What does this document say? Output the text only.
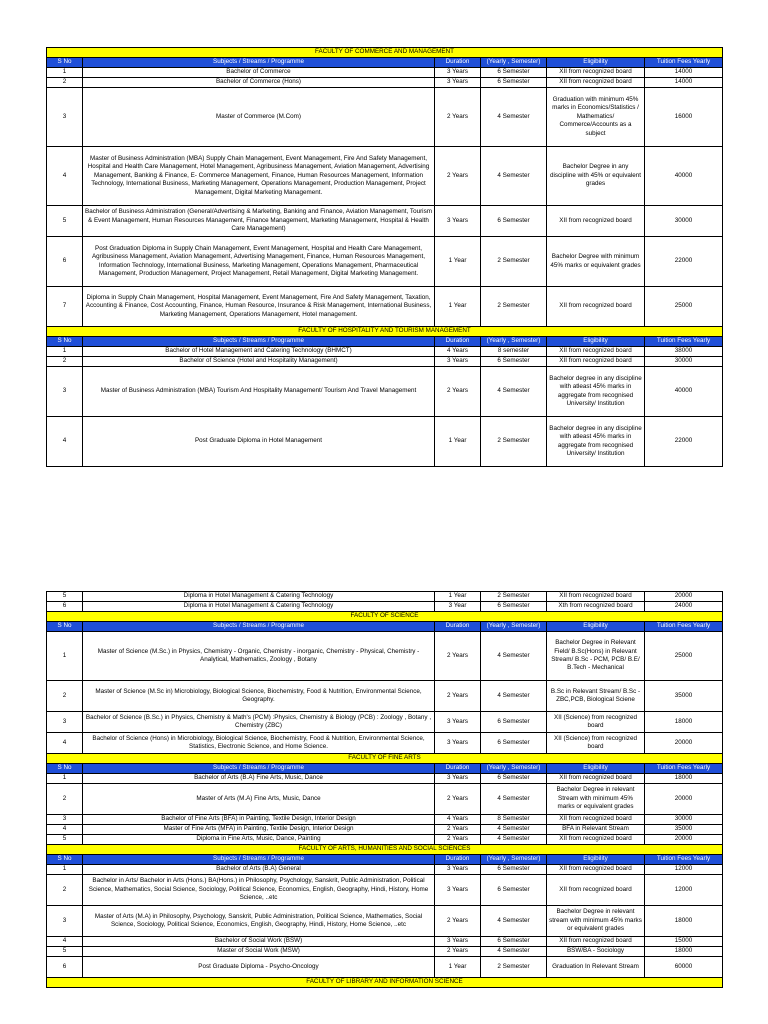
FACULTY OF COMMERCE AND MANAGEMENT					
S No	Subjects / Streams / Programme	Duration	(Yearly , Semester)	Eligibility	Tuition Fees Yearly
1	Bachelor of Commerce	3 Years	6 Semester	XII from recognized board	14000
2	Bachelor of Commerce (Hons)	3 Years	6 Semester	XII from recognized board	14000
3	Master of Commerce (M.Com)	2 Years	4 Semester	Graduation with minimum 45% marks in Economics/Statistics / Mathematics/ Commerce/Accounts as a subject	16000
4	Master of Business Administration (MBA) Supply Chain Management, Event Management, Fire And Safety Management, Hospital and Health Care Management, Hotel Management, Agribusiness Management, Aviation Management, Advertising Management, Banking & Finance, E- Commerce Management, Finance, Human Resources Management, Information Technology, International Business, Marketing Management, Operations Management, Production Management, Project Management, Digital Marketing Management.	2 Years	4 Semester	Bachelor Degree in any discipline with 45% or equivalent grades	40000
5	Bachelor of Business Administration (General/Advertising & Marketing, Banking and Finance, Aviation Management, Tourism & Event Management, Human Resources Management, Finance Management, Marketing Management, Hospital & Health Care Management)	3 Years	6 Semester	XII from recognized board	30000
6	Post Graduation Diploma in Supply Chain Management, Event Management, Hospital and Health Care Management, Agribusiness Management, Aviation Management, Advertising Management, Finance, Human Resources Management, Information Technology, International Business, Marketing Management, Operations Management, Pharmaceutical Management, Production Management, Project Management, Retail Management, Digital Marketing Management.	1 Year	2 Semester	Bachelor Degree with minimum 45% marks or equivalent grades	22000
7	Diploma in Supply Chain Management, Hospital Management, Event Management, Fire And Safety Management, Taxation, Accounting & Finance, Cost Accounting, Finance, Human Resource, Insurance & Risk Management, International Business, Marketing Management, Operations Management, Hotel management.	1 Year	2 Semester	XII from recognized board	25000
FACULTY OF HOSPITALITY AND TOURISM MANAGEMENT					
S No	Subjects / Streams / Programme	Duration	(Yearly , Semester)	Eligibility	Tuition Fees Yearly
1	Bachelor of Hotel Management and Catering Technology (BHMCT)	4 Years	8 semester	XII from recognized board	38000
2	Bachelor of Science (Hotel and Hospitality Management)	3 Years	6 Semester	XII from recognized board	30000
3	Master of Business Administration (MBA) Tourism And Hospitality Management/ Tourism And Travel Management	2 Years	4 Semester	Bachelor degree in any discipline with atleast 45% marks in aggregate from recognised University/ Institution	40000
4	Post Graduate Diploma in Hotel Management	1 Year	2 Semester	Bachelor degree in any discipline with atleast 45% marks in aggregate from recognised University/ Institution	22000
5	Diploma in Hotel Management & Catering Technology	1 Year	2 Semester	XII from recognized board	20000
6	Diploma in Hotel Management & Catering Technology	3 Year	6 Semester	Xth from recognized board	24000
FACULTY OF SCIENCE					
S No	Subjects / Streams / Programme	Duration	(Yearly , Semester)	Eligibility	Tuition Fees Yearly
1	Master of Science (M.Sc.) in Physics, Chemistry - Organic, Chemistry - inorganic, Chemistry - Physical, Chemistry - Analytical, Mathematics, Zoology , Botany	2 Years	4 Semester	Bachelor Degree in Relevant Field/ B.Sc(Hons) in Relevant Stream/ B.Sc - PCM, PCB/ B.E/ B.Tech - Mechanical	25000
2	Master of Science (M.Sc in) Microbiology, Biological Science, Biochemistry, Food & Nutrition, Environmental Science, Geography.	2 Years	4 Semester	B.Sc in Relevant Stream/ B.Sc - ZBC,PCB, Biological Sciene	35000
3	Bachelor of Science (B.Sc.) in Physics, Chemistry & Math's (PCM) :Physics, Chemistry & Biology (PCB) : Zoology , Botany , Chemistry (ZBC)	3 Years	6 Semester	XII (Science) from recognized board	18000
4	Bachelor of Science (Hons) in Microbiology, Biological Science, Biochemistry, Food & Nutrition, Environmental Science, Statistics, Electronic Science, and Home Science.	3 Years	6 Semester	XII (Science) from recognized board	20000
FACULTY OF FINE ARTS					
S No	Subjects / Streams / Programme	Duration	(Yearly , Semester)	Eligibility	Tuition Fees Yearly
1	Bachelor of Arts (B.A) Fine Arts, Music, Dance	3 Years	6 Semester	XII from recognized board	18000
2	Master of Arts (M.A) Fine Arts, Music, Dance	2 Years	4 Semester	Bachelor Degree in relevant Stream with minimum 45% marks or equivalent grades	20000
3	Bachelor of Fine Arts (BFA) in Painting, Textile Design, Interior Design	4 Years	8 Semester	XII from recognized board	30000
4	Master of Fine Arts (MFA) in Painting, Textile Design, Interior Design	2 Years	4 Semester	BFA in Relevant Stream	35000
5	Diploma in Fine Arts, Music, Dance, Painting	2 Years	4 Semester	XII from recognized board	20000
FACULTY OF ARTS, HUMANITIES AND SOCIAL SCIENCES					
S No	Subjects / Streams / Programme	Duration	(Yearly , Semester)	Eligibility	Tuition Fees Yearly
1	Bachelor of Arts (B.A) General	3 Years	6 Semester	XII from recognized board	12000
2	Bachelor in Arts/ Bachelor in Arts (Hons.) BA(Hons.) in Philosophy, Psychology, Sanskrit, Public Administration, Political Science, Mathematics, Social Science, Sociology, Political Science, Economics, English, Geography, Hindi, History, Home Science, ..etc	3 Years	6 Semester	XII from recognized board	12000
3	Master of Arts (M.A) in Philosophy, Psychology, Sanskrit, Public Administration, Political Science, Mathematics, Social Science, Sociology, Political Science, Economics, English, Geography, Hindi, History, Home Science, ..etc	2 Years	4 Semester	Bachelor Degree in relevant stream with minimum 45% marks or equivalent grades	18000
4	Bachelor of Social Work (BSW)	3 Years	6 Semester	XII from recognized board	15000
5	Master of Social Work (MSW)	2 Years	4 Semester	BSW/BA - Sociology	18000
6	Post Graduate Diploma - Psycho-Oncology	1 Year	2 Semester	Graduation In Relevant Stream	60000
FACULTY OF LIBRARY AND INFORMATION SCIENCE					
